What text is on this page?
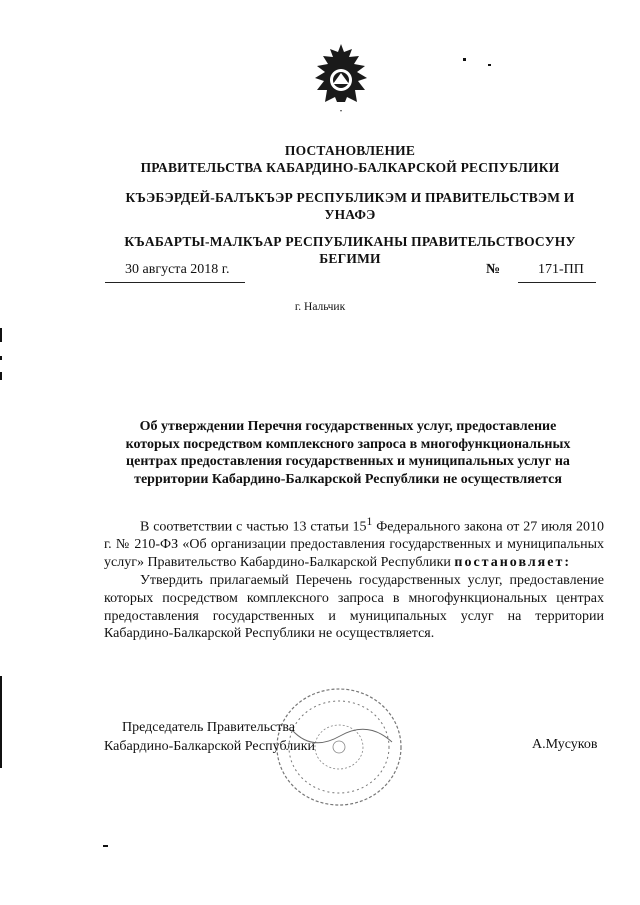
ПОСТАНОВЛЕНИЕ
ПРАВИТЕЛЬСТВА КАБАРДИНО-БАЛКАРСКОЙ РЕСПУБЛИКИ
КЪЭБЭРДЕЙ-БАЛЪКЪЭР РЕСПУБЛИКЭМ И ПРАВИТЕЛЬСТВЭМ И
УНАФЭ
КЪАБАРТЫ-МАЛКЪАР РЕСПУБЛИКАНЫ ПРАВИТЕЛЬСТВОСУНУ
БЕГИМИ
30 августа 2018 г.	№	171-ПП
г. Нальчик
Об утверждении Перечня государственных услуг, предоставление
которых посредством комплексного запроса в многофункциональных
центрах предоставления государственных и муниципальных услуг на
территории Кабардино-Балкарской Республики не осуществляется

В соответствии с частью 13 статьи $15^1$ Федерального закона от 27 июля 2010 г. № 210-ФЗ «Об организации предоставления государственных и муниципальных услуг» Правительство Кабардино-Балкарской Республики постановляет:

Утвердить прилагаемый Перечень государственных услуг, предоставление которых посредством комплексного запроса в многофункциональных центрах предоставления государственных и муниципальных услуг на территории Кабардино-Балкарской Республики не осуществляется.

Председатель Правительства
Кабардино-Балкарской Республики	А.Мусуков
